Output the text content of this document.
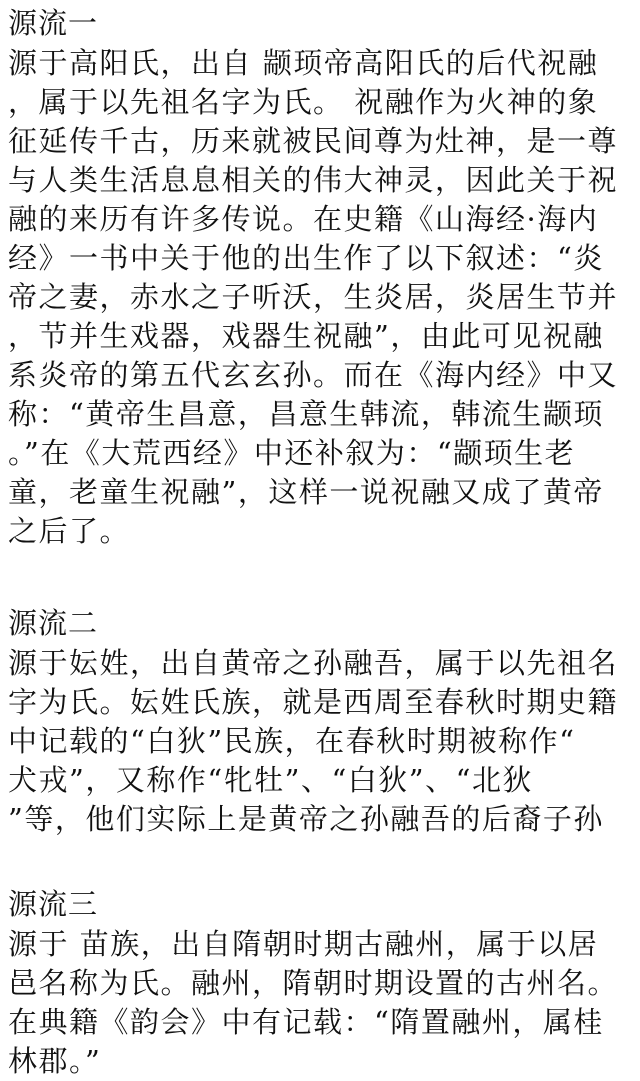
源流一
源于高阳氏，出自 颛顼帝高阳氏的后代祝融
，属于以先祖名字为氏。 祝融作为火神的象
征延传千古，历来就被民间尊为灶神，是一尊
与人类生活息息相关的伟大神灵，因此关于祝
融的来历有许多传说。在史籍《山海经·海内
经》一书中关于他的出生作了以下叙述：“炎
帝之妻，赤水之子听沃，生炎居，炎居生节并
，节并生戏器，戏器生祝融”，由此可见祝融
系炎帝的第五代玄玄孙。而在《海内经》中又
称：“黄帝生昌意，昌意生韩流，韩流生颛顼
。”在《大荒西经》中还补叙为：“颛顼生老
童，老童生祝融”，这样一说祝融又成了黄帝
之后了。
源流二
源于妘姓，出自黄帝之孙融吾，属于以先祖名
字为氏。妘姓氏族，就是西周至春秋时期史籍
中记载的“白狄”民族，在春秋时期被称作“
犬戎”，又称作“牝牡”、“白狄”、“北狄
”等，他们实际上是黄帝之孙融吾的后裔子孙
源流三
源于 苗族，出自隋朝时期古融州，属于以居
邑名称为氏。融州，隋朝时期设置的古州名。
在典籍《韵会》中有记载：“隋置融州，属桂
林郡。”
